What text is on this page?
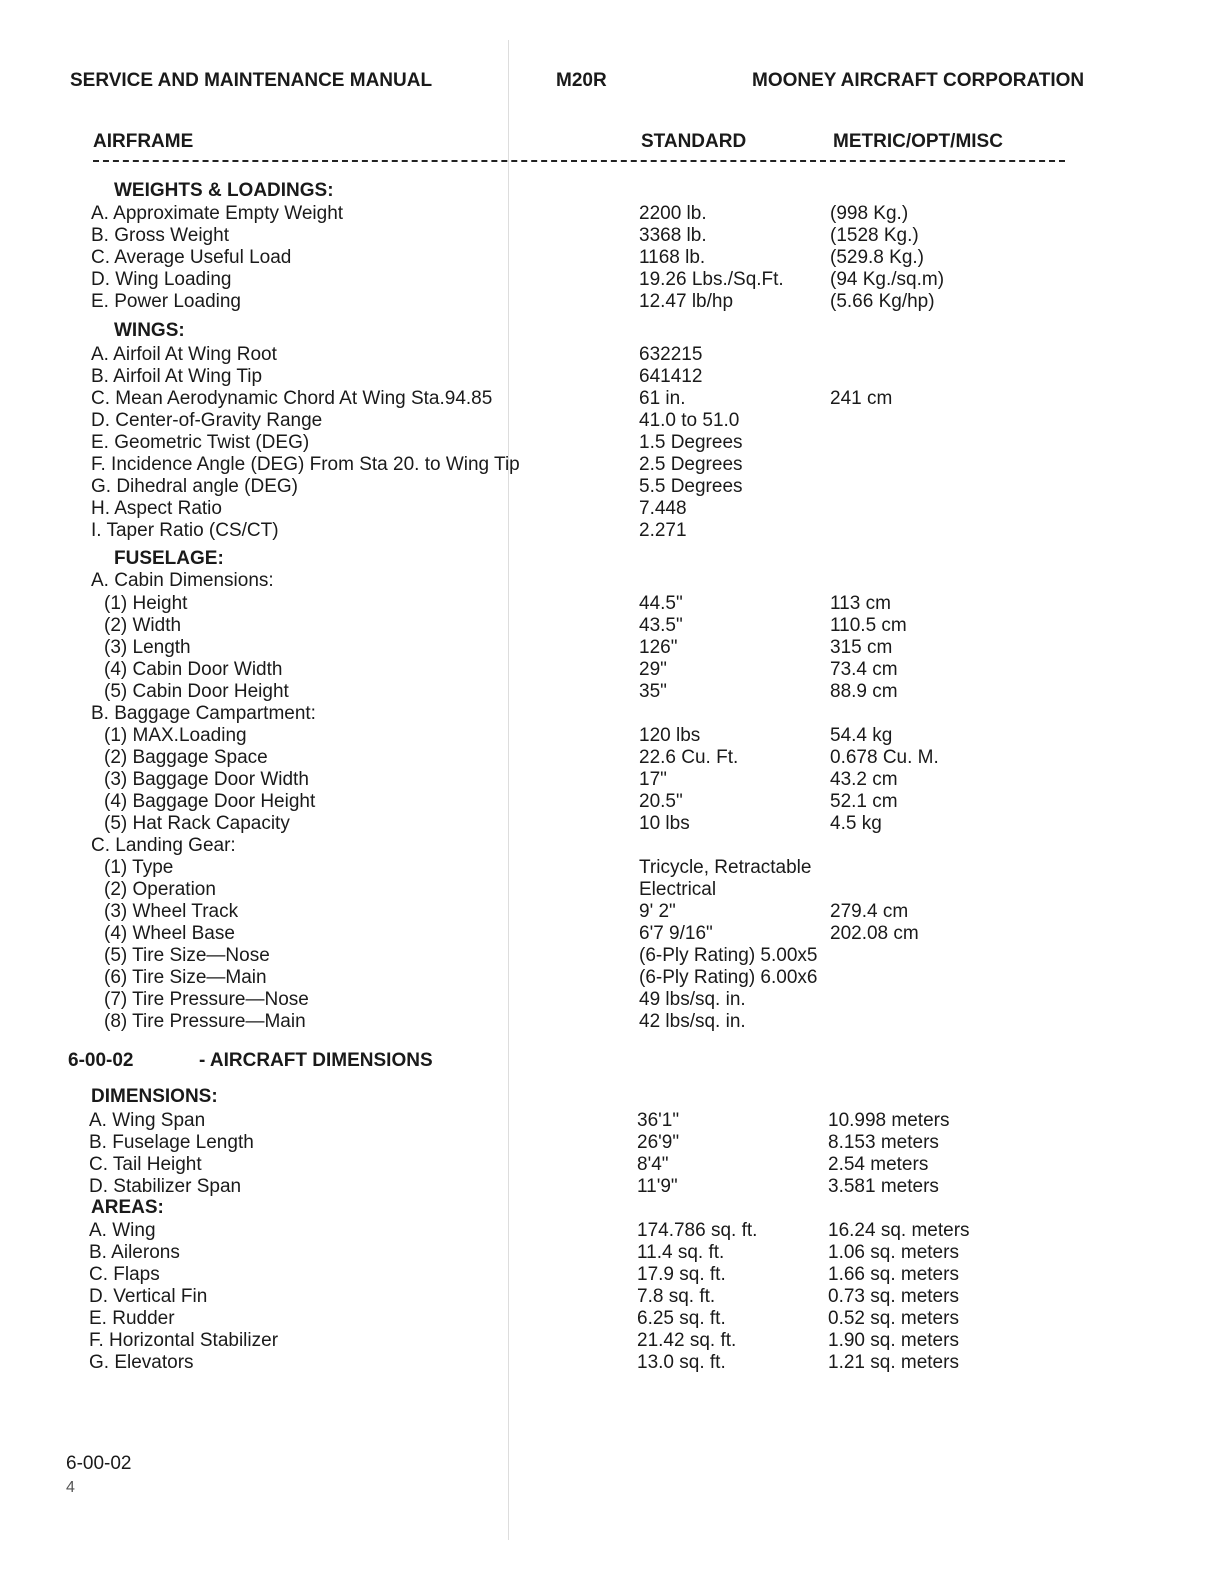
SERVICE AND MAINTENANCE MANUAL	M20R	MOONEY AIRCRAFT CORPORATION
AIRFRAME	STANDARD	METRIC/OPT/MISC
WEIGHTS & LOADINGS:
WINGS:
FUSELAGE:
6-00-02	- AIRCRAFT DIMENSIONS
DIMENSIONS:
AREAS:
A. Approximate Empty Weight	2200 lb.	(998 Kg.)
B. Gross Weight	3368 lb.	(1528 Kg.)
C. Average Useful Load	1168 lb.	(529.8 Kg.)
D. Wing Loading	19.26 Lbs./Sq.Ft. (94 Kg./sq.m)
E. Power Loading	12.47 lb/hp	(5.66 Kg/hp)
A. Airfoil At Wing Root	632215
B. Airfoil At Wing Tip	641412
C. Mean Aerodynamic Chord At Wing Sta.94.85	61 in.	241 cm
D. Center-of-Gravity Range	41.0 to 51.0
E. Geometric Twist (DEG)	1.5 Degrees
F. Incidence Angle (DEG) From Sta 20. to Wing Tip	2.5 Degrees
G. Dihedral angle (DEG)	5.5 Degrees
H. Aspect Ratio	7.448
I. Taper Ratio (CS/CT)	2.271
A. Cabin Dimensions:
(1) Height	44.5"	113 cm
(2) Width	43.5"	110.5 cm
(3) Length	126"	315 cm
(4) Cabin Door Width	29"	73.4 cm
(5) Cabin Door Height	35"	88.9 cm
B. Baggage Campartment:
(1) MAX.Loading	120 lbs	54.4 kg
(2) Baggage Space	22.6 Cu. Ft.	0.678 Cu. M.
(3) Baggage Door Width	17"	43.2 cm
(4) Baggage Door Height	20.5"	52.1 cm
(5) Hat Rack Capacity	10 lbs	4.5 kg
C. Landing Gear:
(1) Type	Tricycle, Retractable
(2) Operation	Electrical
(3) Wheel Track	9' 2"	279.4 cm
(4) Wheel Base	6'7 9/16"	202.08 cm
(5) Tire Size—Nose	(6-Ply Rating) 5.00x5
(6) Tire Size—Main	(6-Ply Rating) 6.00x6
(7) Tire Pressure—Nose	49 lbs/sq. in.
(8) Tire Pressure—Main	42 lbs/sq. in.
A. Wing Span	36'1"	10.998 meters
B. Fuselage Length	26'9"	8.153 meters
C. Tail Height	8'4"	2.54 meters
D. Stabilizer Span	11'9"	3.581 meters
A. Wing	174.786 sq. ft.	16.24 sq. meters
B. Ailerons	11.4 sq. ft.	1.06 sq. meters
C. Flaps	17.9 sq. ft.	1.66 sq. meters
D. Vertical Fin	7.8 sq. ft.	0.73 sq. meters
E. Rudder	6.25 sq. ft.	0.52 sq. meters
F. Horizontal Stabilizer	21.42 sq. ft.	1.90 sq. meters
G. Elevators	13.0 sq. ft.	1.21 sq. meters
6-00-02
4
